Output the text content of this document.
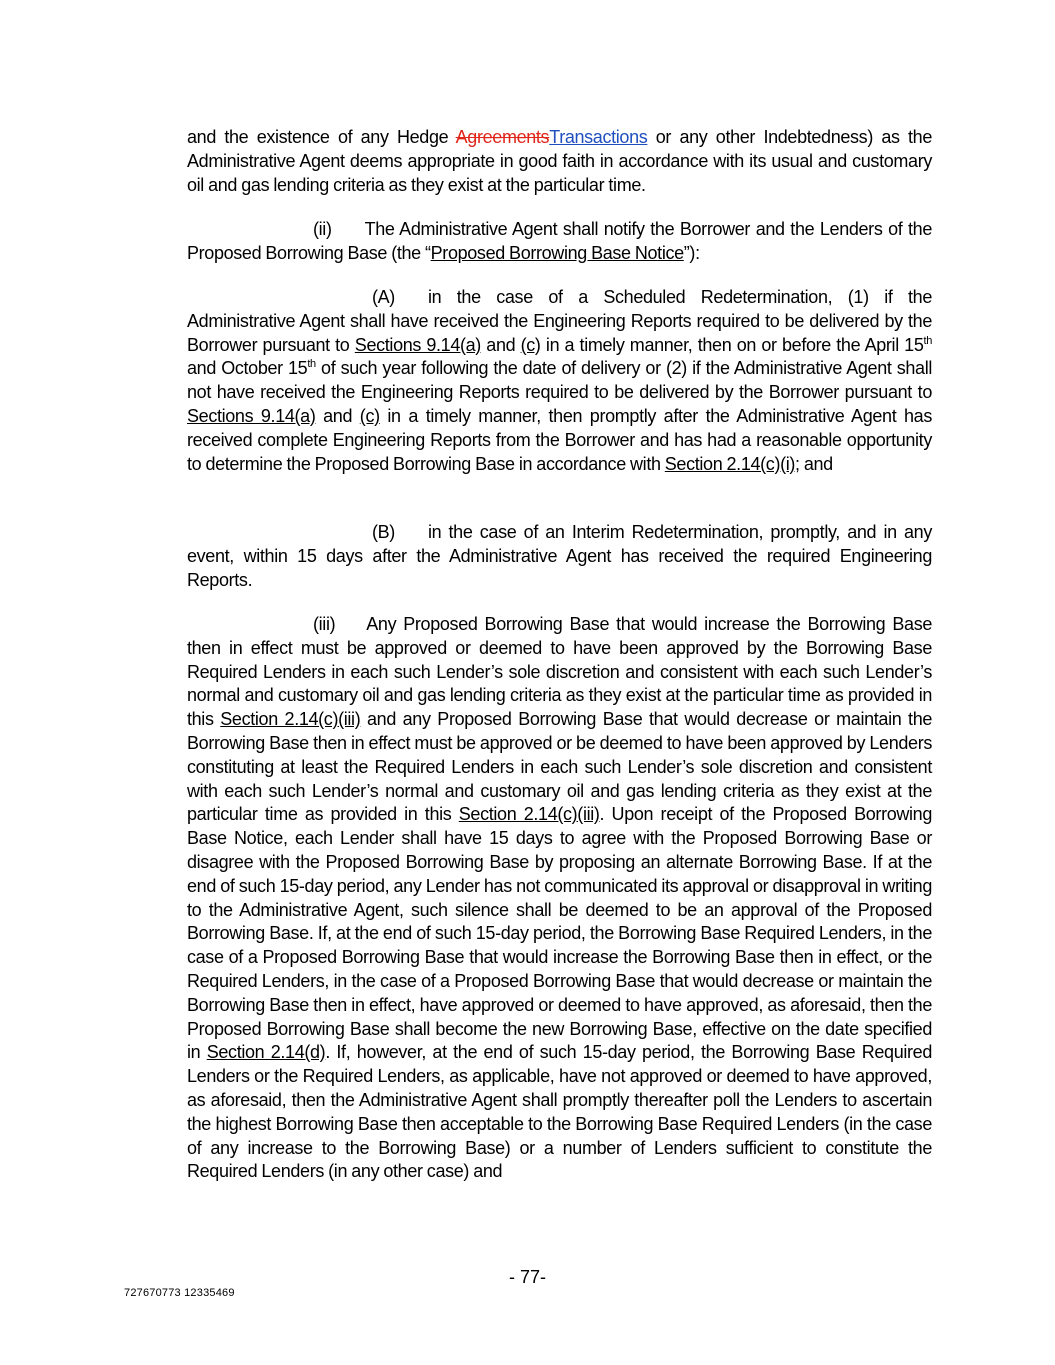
and the existence of any Hedge AgreementsTransactions or any other Indebtedness) as the Administrative Agent deems appropriate in good faith in accordance with its usual and customary oil and gas lending criteria as they exist at the particular time.
(ii) The Administrative Agent shall notify the Borrower and the Lenders of the Proposed Borrowing Base (the “Proposed Borrowing Base Notice”):
(A) in the case of a Scheduled Redetermination, (1) if the Administrative Agent shall have received the Engineering Reports required to be delivered by the Borrower pursuant to Sections 9.14(a) and (c) in a timely manner, then on or before the April 15th and October 15th of such year following the date of delivery or (2) if the Administrative Agent shall not have received the Engineering Reports required to be delivered by the Borrower pursuant to Sections 9.14(a) and (c) in a timely manner, then promptly after the Administrative Agent has received complete Engineering Reports from the Borrower and has had a reasonable opportunity to determine the Proposed Borrowing Base in accordance with Section 2.14(c)(i); and
(B) in the case of an Interim Redetermination, promptly, and in any event, within 15 days after the Administrative Agent has received the required Engineering Reports.
(iii) Any Proposed Borrowing Base that would increase the Borrowing Base then in effect must be approved or deemed to have been approved by the Borrowing Base Required Lenders in each such Lender’s sole discretion and consistent with each such Lender’s normal and customary oil and gas lending criteria as they exist at the particular time as provided in this Section 2.14(c)(iii) and any Proposed Borrowing Base that would decrease or maintain the Borrowing Base then in effect must be approved or be deemed to have been approved by Lenders constituting at least the Required Lenders in each such Lender’s sole discretion and consistent with each such Lender’s normal and customary oil and gas lending criteria as they exist at the particular time as provided in this Section 2.14(c)(iii). Upon receipt of the Proposed Borrowing Base Notice, each Lender shall have 15 days to agree with the Proposed Borrowing Base or disagree with the Proposed Borrowing Base by proposing an alternate Borrowing Base. If at the end of such 15-day period, any Lender has not communicated its approval or disapproval in writing to the Administrative Agent, such silence shall be deemed to be an approval of the Proposed Borrowing Base. If, at the end of such 15-day period, the Borrowing Base Required Lenders, in the case of a Proposed Borrowing Base that would increase the Borrowing Base then in effect, or the Required Lenders, in the case of a Proposed Borrowing Base that would decrease or maintain the Borrowing Base then in effect, have approved or deemed to have approved, as aforesaid, then the Proposed Borrowing Base shall become the new Borrowing Base, effective on the date specified in Section 2.14(d). If, however, at the end of such 15-day period, the Borrowing Base Required Lenders or the Required Lenders, as applicable, have not approved or deemed to have approved, as aforesaid, then the Administrative Agent shall promptly thereafter poll the Lenders to ascertain the highest Borrowing Base then acceptable to the Borrowing Base Required Lenders (in the case of any increase to the Borrowing Base) or a number of Lenders sufficient to constitute the Required Lenders (in any other case) and
- 77-
727670773 12335469
